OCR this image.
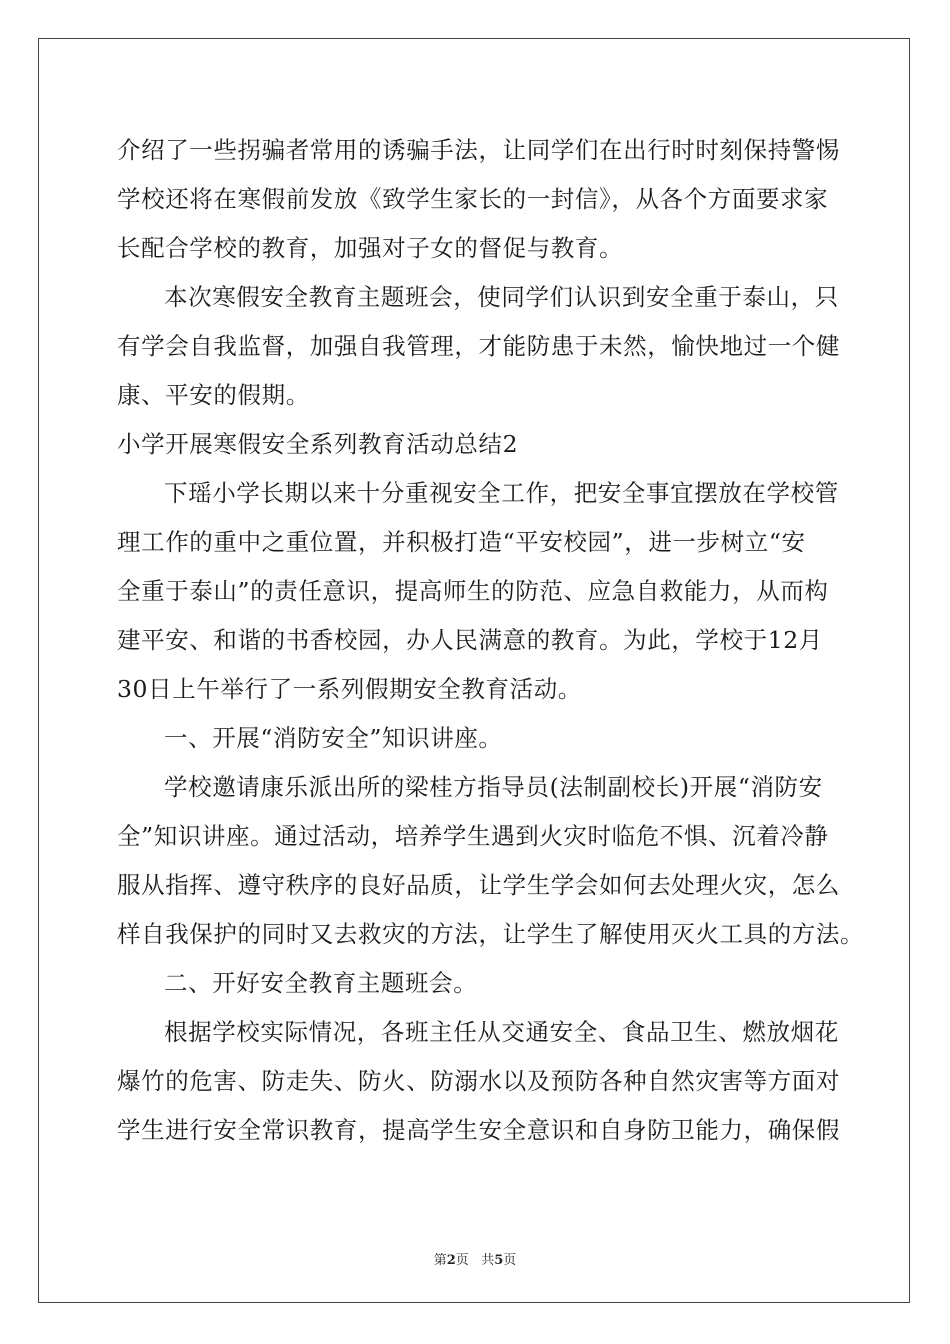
介绍了一些拐骗者常用的诱骗手法，让同学们在出行时时刻保持警惕
学校还将在寒假前发放《致学生家长的一封信》，从各个方面要求家
长配合学校的教育，加强对子女的督促与教育。
本次寒假安全教育主题班会，使同学们认识到安全重于泰山，只
有学会自我监督，加强自我管理，才能防患于未然，愉快地过一个健
康、平安的假期。
小学开展寒假安全系列教育活动总结2
下瑶小学长期以来十分重视安全工作，把安全事宜摆放在学校管
理工作的重中之重位置，并积极打造“平安校园”，进一步树立“安
全重于泰山”的责任意识，提高师生的防范、应急自救能力，从而构
建平安、和谐的书香校园，办人民满意的教育。为此，学校于12月
30日上午举行了一系列假期安全教育活动。
一、开展“消防安全”知识讲座。
学校邀请康乐派出所的梁桂方指导员(法制副校长)开展“消防安
全”知识讲座。通过活动，培养学生遇到火灾时临危不惧、沉着冷静
服从指挥、遵守秩序的良好品质，让学生学会如何去处理火灾，怎么
样自我保护的同时又去救灾的方法，让学生了解使用灭火工具的方法。
二、开好安全教育主题班会。
根据学校实际情况，各班主任从交通安全、食品卫生、燃放烟花
爆竹的危害、防走失、防火、防溺水以及预防各种自然灾害等方面对
学生进行安全常识教育，提高学生安全意识和自身防卫能力，确保假
第2页 共5页
